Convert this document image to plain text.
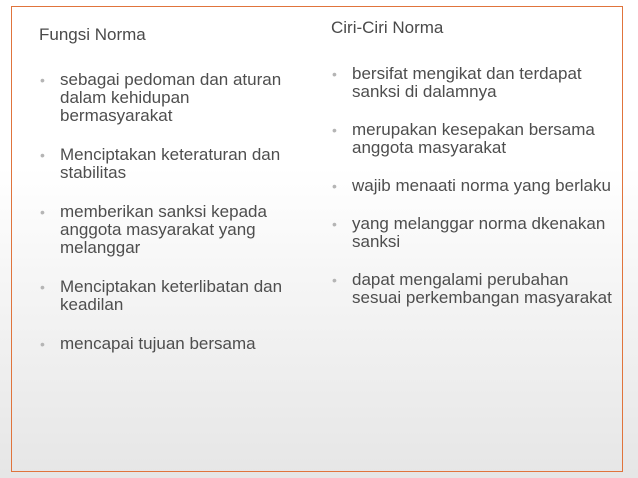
Fungsi Norma

• sebagai pedoman dan aturan dalam kehidupan bermasyarakat
• Menciptakan keteraturan dan stabilitas
• memberikan sanksi kepada anggota masyarakat yang melanggar
• Menciptakan keterlibatan dan keadilan
• mencapai tujuan bersama

Ciri-Ciri Norma

• bersifat mengikat dan terdapat sanksi di dalamnya
• merupakan kesepakan bersama anggota masyarakat
• wajib menaati norma yang berlaku
• yang melanggar norma dkenakan sanksi
• dapat mengalami perubahan sesuai perkembangan masyarakat
